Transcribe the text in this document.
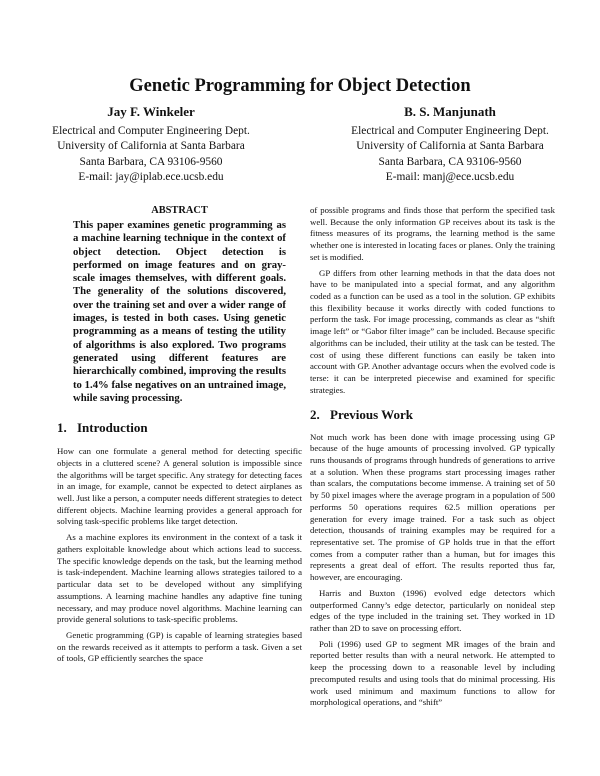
Genetic Programming for Object Detection
Jay F. Winkeler
Electrical and Computer Engineering Dept.
University of California at Santa Barbara
Santa Barbara, CA 93106-9560
E-mail: jay@iplab.ece.ucsb.edu
B. S. Manjunath
Electrical and Computer Engineering Dept.
University of California at Santa Barbara
Santa Barbara, CA 93106-9560
E-mail: manj@ece.ucsb.edu
ABSTRACT

This paper examines genetic programming as a machine learning technique in the context of object detection. Object detection is performed on image features and on gray-scale images themselves, with different goals. The generality of the solutions discovered, over the training set and over a wider range of images, is tested in both cases. Using genetic programming as a means of testing the utility of algorithms is also explored. Two programs generated using different features are hierarchically combined, improving the results to 1.4% false negatives on an untrained image, while saving processing.

1. Introduction

How can one formulate a general method for detecting specific objects in a cluttered scene? A general solution is impossible since the algorithms will be target specific. Any strategy for detecting faces in an image, for example, cannot be expected to detect airplanes as well. Just like a person, a computer needs different strategies to detect different objects. Machine learning provides a general approach for solving task-specific problems like target detection.

As a machine explores its environment in the context of a task it gathers exploitable knowledge about which actions lead to success. The specific knowledge depends on the task, but the learning method is task-independent. Machine learning allows strategies tailored to a particular data set to be developed without any simplifying assumptions. A learning machine handles any adaptive fine tuning necessary, and may produce novel algorithms. Machine learning can provide general solutions to task-specific problems.

Genetic programming (GP) is capable of learning strategies based on the rewards received as it attempts to perform a task. Given a set of tools, GP efficiently searches the space

of possible programs and finds those that perform the specified task well. Because the only information GP receives about its task is the fitness measures of its programs, the learning method is the same whether one is interested in locating faces or planes. Only the training set is modified.

GP differs from other learning methods in that the data does not have to be manipulated into a special format, and any algorithm coded as a function can be used as a tool in the solution. GP exhibits this flexibility because it works directly with coded functions to perform the task. For image processing, commands as clear as “shift image left” or “Gabor filter image” can be included. Because specific algorithms can be included, their utility at the task can be tested. The cost of using these different functions can easily be taken into account with GP. Another advantage occurs when the evolved code is terse: it can be interpreted piecewise and examined for specific strategies.

2. Previous Work

Not much work has been done with image processing using GP because of the huge amounts of processing involved. GP typically runs thousands of programs through hundreds of generations to arrive at a solution. When these programs start processing images rather than scalars, the computations become immense. A training set of 50 by 50 pixel images where the average program in a population of 500 performs 50 operations requires 62.5 million operations per generation for every image trained. For a task such as object detection, thousands of training examples may be required for a representative set. The promise of GP holds true in that the effort comes from a computer rather than a human, but for images this represents a great deal of effort. The results reported thus far, however, are encouraging.

Harris and Buxton (1996) evolved edge detectors which outperformed Canny’s edge detector, particularly on nonideal step edges of the type included in the training set. They worked in 1D rather than 2D to save on processing effort.

Poli (1996) used GP to segment MR images of the brain and reported better results than with a neural network. He attempted to keep the processing down to a reasonable level by including precomputed results and using tools that do minimal processing. His work used minimum and maximum functions to allow for morphological operations, and “shift”
